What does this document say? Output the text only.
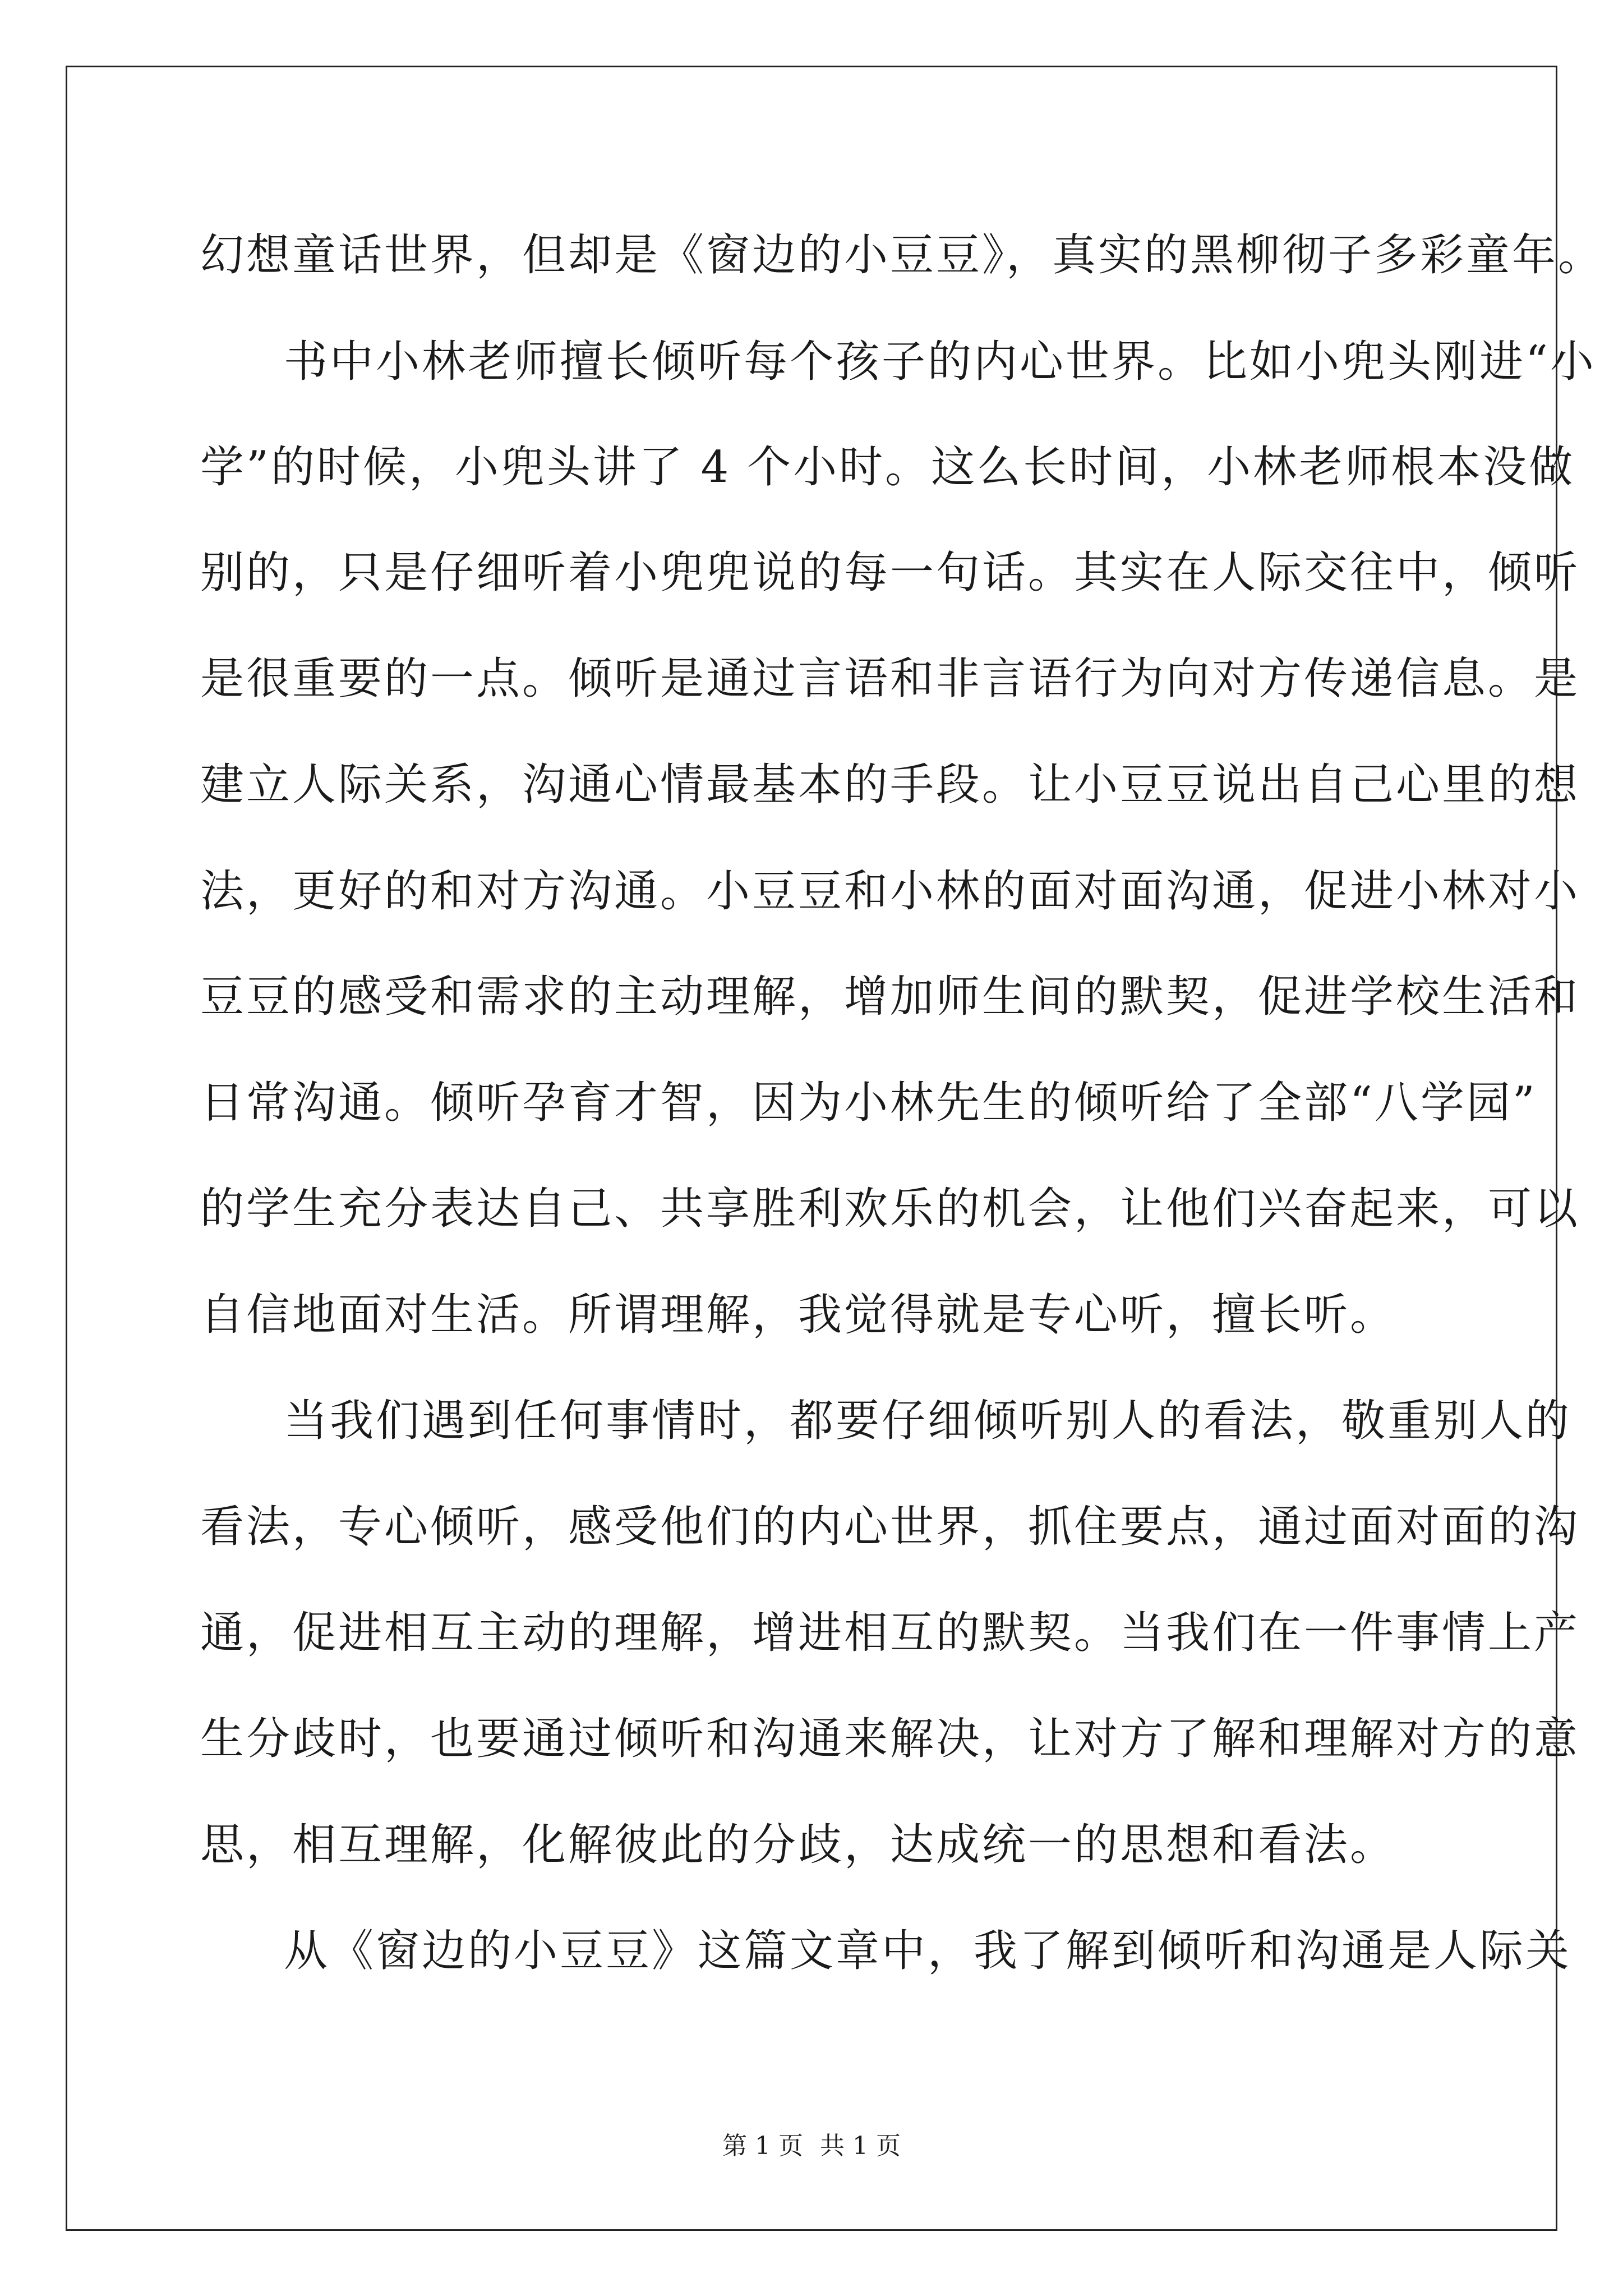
幻想童话世界，但却是《窗边的小豆豆》，真实的黑柳彻子多彩童年。

书中小林老师擅长倾听每个孩子的内心世界。比如小兜头刚进“小

学”的时候，小兜头讲了 4 个小时。这么长时间，小林老师根本没做

别的，只是仔细听着小兜兜说的每一句话。其实在人际交往中，倾听

是很重要的一点。倾听是通过言语和非言语行为向对方传递信息。是

建立人际关系，沟通心情最基本的手段。让小豆豆说出自己心里的想

法，更好的和对方沟通。小豆豆和小林的面对面沟通，促进小林对小

豆豆的感受和需求的主动理解，增加师生间的默契，促进学校生活和

日常沟通。倾听孕育才智，因为小林先生的倾听给了全部“八学园”

的学生充分表达自己、共享胜利欢乐的机会，让他们兴奋起来，可以

自信地面对生活。所谓理解，我觉得就是专心听，擅长听。

当我们遇到任何事情时，都要仔细倾听别人的看法，敬重别人的

看法，专心倾听，感受他们的内心世界，抓住要点，通过面对面的沟

通，促进相互主动的理解，增进相互的默契。当我们在一件事情上产

生分歧时，也要通过倾听和沟通来解决，让对方了解和理解对方的意

思，相互理解，化解彼此的分歧，达成统一的思想和看法。

从《窗边的小豆豆》这篇文章中，我了解到倾听和沟通是人际关

第 1 页 共 1 页
